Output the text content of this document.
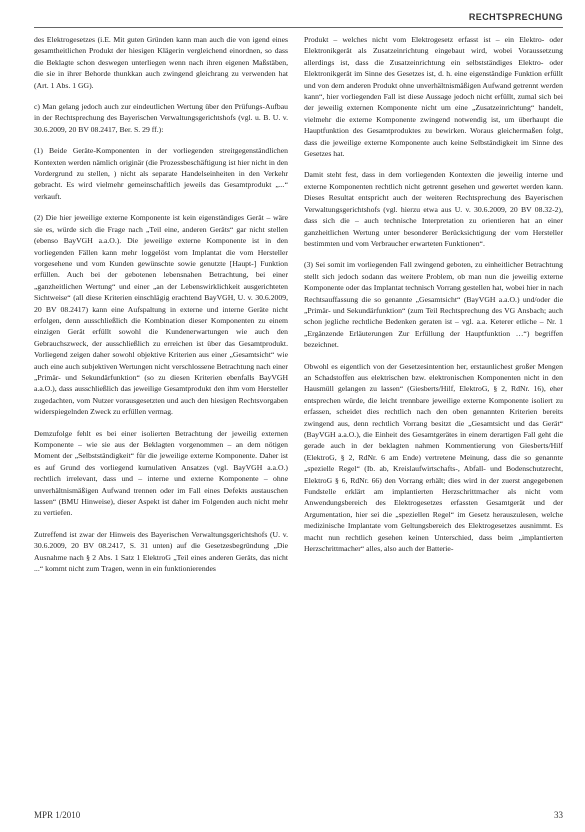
RECHTSPRECHUNG

des Elektrogesetzes (i.E. Mit guten Gründen kann man auch die von igend eines gesamtheitlichen Produkt der hiesigen Klägerin vergleichend einordnen, so dass die Beklagte schon deswegen unterliegen wenn nach ihren eigenen Maßstäben, die sie in ihrer Behorde thunkkan auch zwingend gleichrang zu verwenden hat (Art. 1 Abs. 1 GG).

c) Man gelang jedoch auch zur eindeutlichen Wertung über den Prüfungs-Aufbau in der Rechtsprechung des Bayerischen Verwaltungsgerichtshofs (vgl. u. B. U. v. 30.6.2009, 20 BV 08.2417, Ber. S. 29 ff.):

(1) Beide Geräte-Komponenten in der vorliegenden streitgegenständlichen Kontexten werden nämlich originär (die Prozessbeschäftigung ist hier nicht in den Vordergrund zu stellen, ) nicht als separate Handelseinheiten in den Verkehr gebracht. Es wird vielmehr gemeinschaftlich jeweils das Gesamtprodukt „...“ verkauft.

(2) Die hier jeweilige externe Komponente ist kein eigenständiges Gerät – wäre sie es, würde sich die Frage nach „Teil eine, anderen Geräts“ gar nicht stellen (ebenso BayVGH a.a.O.). Die jeweilige externe Komponente ist in den vorliegenden Fällen kann mehr loggelöst vom Implantat die vom Hersteller vorgesehene und vom Kunden gewünschte sowie genutzte [Haupt-] Funktion erfüllen. Auch bei der gebotenen lebensnahen Betrachtung, bei einer „ganzheitlichen Wertung“ und einer „an der Lebenswirklichkeit ausgerichteten Sichtweise“ (all diese Kriterien einschlägig erachtend BayVGH, U. v. 30.6.2009, 20 BV 08.2417) kann eine Aufspaltung in externe und interne Geräte nicht erfolgen, denn ausschließlich die Kombination dieser Komponenten zu einem einzigen Gerät erfüllt sowohl die Kundenerwartungen wie auch den Gebrauchszweck, der ausschließlich zu erreichen ist über das Gesamtprodukt. Vorliegend zeigen daher sowohl objektive Kriterien aus einer „Gesamtsicht“ wie auch eine auch subjektiven Wertungen nicht verschlossene Betrachtung nach einer „Primär- und Sekundärfunktion“ (so zu diesen Kriterien ebenfalls BayVGH a.a.O.), dass ausschließlich das jeweilige Gesamtprodukt den ihm vom Hersteller zugedachten, vom Nutzer vorausgesetzten und auch den hiesigen Rechtsvorgaben widerspiegelnden Zweck zu erfüllen vermag.

Demzufolge fehlt es bei einer isolierten Betrachtung der jeweilig externen Komponente – wie sie aus der Beklagten vorgenommen – an dem nötigen Moment der „Selbstständigkeit“ für die jeweilige externe Komponente. Daher ist es auf Grund des vorliegend kumulativen Ansatzes (vgl. BayVGH a.a.O.) rechtlich irrelevant, dass und – interne und externe Komponente – ohne unverhältnismäßigen Aufwand trennen oder im Fall eines Defekts austauschen lassen“ (BMU Hinweise), dieser Aspekt ist daher im Folgenden auch nicht mehr zu vertiefen.

Zutreffend ist zwar der Hinweis des Bayerischen Verwaltungsgerichtshofs (U. v. 30.6.2009, 20 BV 08.2417, S. 31 unten) auf die Gesetzesbegründung „Die Ausnahme nach § 2 Abs. 1 Satz 1 ElektroG „Teil eines anderen Geräts, das nicht ...“ kommt nicht zum Tragen, wenn in ein funktionierendes

Produkt – welches nicht vom Elektrogesetz erfasst ist – ein Elektro- oder Elektronikgerät als Zusatzeinrichtung eingebaut wird, wobei Voraussetzung allerdings ist, dass die Zusatzeinrichtung ein selbstständiges Elektro- oder Elektronikgerät im Sinne des Gesetzes ist, d. h. eine eigenständige Funktion erfüllt und von dem anderen Produkt ohne unverhältnismäßigen Aufwand getrennt werden kann“, hier vorliegenden Fall ist diese Aussage jedoch nicht erfüllt, zumal sich bei der jeweilig externen Komponente nicht um eine „Zusatzeinrichtung“ handelt, vielmehr die externe Komponente zwingend notwendig ist, um überhaupt die Hauptfunktion des Gesamtproduktes zu bewirken. Woraus gleichermaßen folgt, dass die jeweilige externe Komponente auch keine Selbständigkeit im Sinne des Gesetzes hat.

Damit steht fest, dass in dem vorliegenden Kontexten die jeweilig interne und externe Komponenten rechtlich nicht getrennt gesehen und gewertet werden kann. Dieses Resultat entspricht auch der weiteren Rechtsprechung des Bayerischen Verwaltungsgerichtshofs (vgl. hierzu etwa aus U. v. 30.6.2009, 20 BV 08.32-2), dass sich die – auch technische Interpretation zu orientieren hat an einer ganzheitlichen Wertung unter besonderer Berücksichtigung der vom Hersteller bestimmten und vom Verbraucher erwarteten Funktionen“.

(3) Sei somit im vorliegenden Fall zwingend geboten, zu einheitlicher Betrachtung stellt sich jedoch sodann das weitere Problem, ob man nun die jeweilig externe Komponente oder das Implantat technisch Vorrang gestellen hat, wobei hier in nach Rechtsauffassung die so genannte „Gesamtsicht“ (BayVGH a.a.O.) und/oder die „Primär- und Sekundärfunktion“ (zum Teil Rechtsprechung des VG Ansbach; auch schon jegliche rechtliche Bedenken geraten ist – vgl. a.a. Keterer etliche – Nr. 1 „Ergänzende Erläuterungen Zur Erfüllung der Hauptfunktion …“) begriffen bezeichnet.

Obwohl es eigentlich von der Gesetzesintention her, erstaunlichest großer Mengen an Schadstoffen aus elektrischen bzw. elektronischen Komponenten nicht in den Hausmüll gelangen zu lassen“ (Giesberts/Hilf, ElektroG, § 2, RdNr. 16), eher entsprechen würde, die leicht trennbare jeweilige externe Komponente isoliert zu erfassen, scheidet dies rechtlich nach den oben genannten Kriterien bereits zwingend aus, denn rechtlich Vorrang besitzt die „Gesamtsicht und das Gerät“ (BayVGH a.a.O.), die Einheit des Gesamtgerätes in einem derartigen Fall geht die gerade auch in der beklagten nahmen Kommentierung von Giesberts/Hilf (ElektroG, § 2, RdNr. 6 am Ende) vertretene Meinung, dass die so genannte „spezielle Regel“ (Ib. ab, Kreislaufwirtschafts-, Abfall- und Bodenschutzrecht, ElektroG § 6, RdNr. 66) den Vorrang erhält; dies wird in der zuerst angegebenen Fundstelle erklärt am implantierten Herzschrittmacher als nicht vom Anwendungsbereich des Elektrogesetzes erfassten Gesamtgerät und der Argumentation, hier sei die „speziellen Regel“ im Gesetz herauszulesen, welche medizinische Implantate vom Geltungsbereich des Elektrogesetzes ausnimmt. Es macht nun rechtlich gesehen keinen Unterschied, dass beim „implantierten Herzschrittmacher“ alles, also auch der Batterie-

MPR 1/2010	33
